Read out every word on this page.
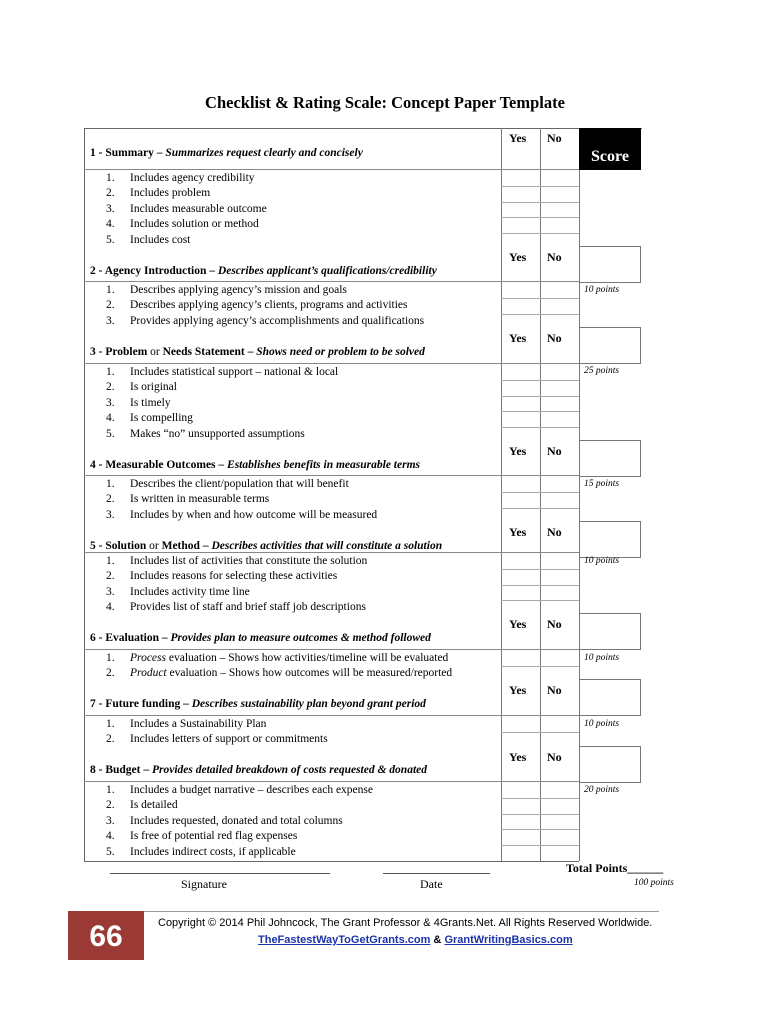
Checklist & Rating Scale: Concept Paper Template
Score
1 - Summary – Summarizes request clearly and concisely
Yes No
1. Includes agency credibility
2. Includes problem
3. Includes measurable outcome
4. Includes solution or method
5. Includes cost
2 - Agency Introduction – Describes applicant’s qualifications/credibility
Yes No
10 points
1. Describes applying agency’s mission and goals
2. Describes applying agency’s clients, programs and activities
3. Provides applying agency’s accomplishments and qualifications
3 - Problem or Needs Statement – Shows need or problem to be solved
Yes No
25 points
1. Includes statistical support – national & local
2. Is original
3. Is timely
4. Is compelling
5. Makes “no” unsupported assumptions
4 - Measurable Outcomes – Establishes benefits in measurable terms
Yes No
15 points
1. Describes the client/population that will benefit
2. Is written in measurable terms
3. Includes by when and how outcome will be measured
5 - Solution or Method – Describes activities that will constitute a solution
Yes No
10 points
1. Includes list of activities that constitute the solution
2. Includes reasons for selecting these activities
3. Includes activity time line
4. Provides list of staff and brief staff job descriptions
6 - Evaluation – Provides plan to measure outcomes & method followed
Yes No
10 points
1. Process evaluation – Shows how activities/timeline will be evaluated
2. Product evaluation – Shows how outcomes will be measured/reported
7 - Future funding – Describes sustainability plan beyond grant period
Yes No
10 points
1. Includes a Sustainability Plan
2. Includes letters of support or commitments
8 - Budget – Provides detailed breakdown of costs requested & donated
Yes No
20 points
1. Includes a budget narrative – describes each expense
2. Is detailed
3. Includes requested, donated and total columns
4. Is free of potential red flag expenses
5. Includes indirect costs, if applicable
Total Points______
100 points
Signature	Date
66	Copyright © 2014 Phil Johncock, The Grant Professor & 4Grants.Net. All Rights Reserved Worldwide.
TheFastestWayToGetGrants.com & GrantWritingBasics.com
